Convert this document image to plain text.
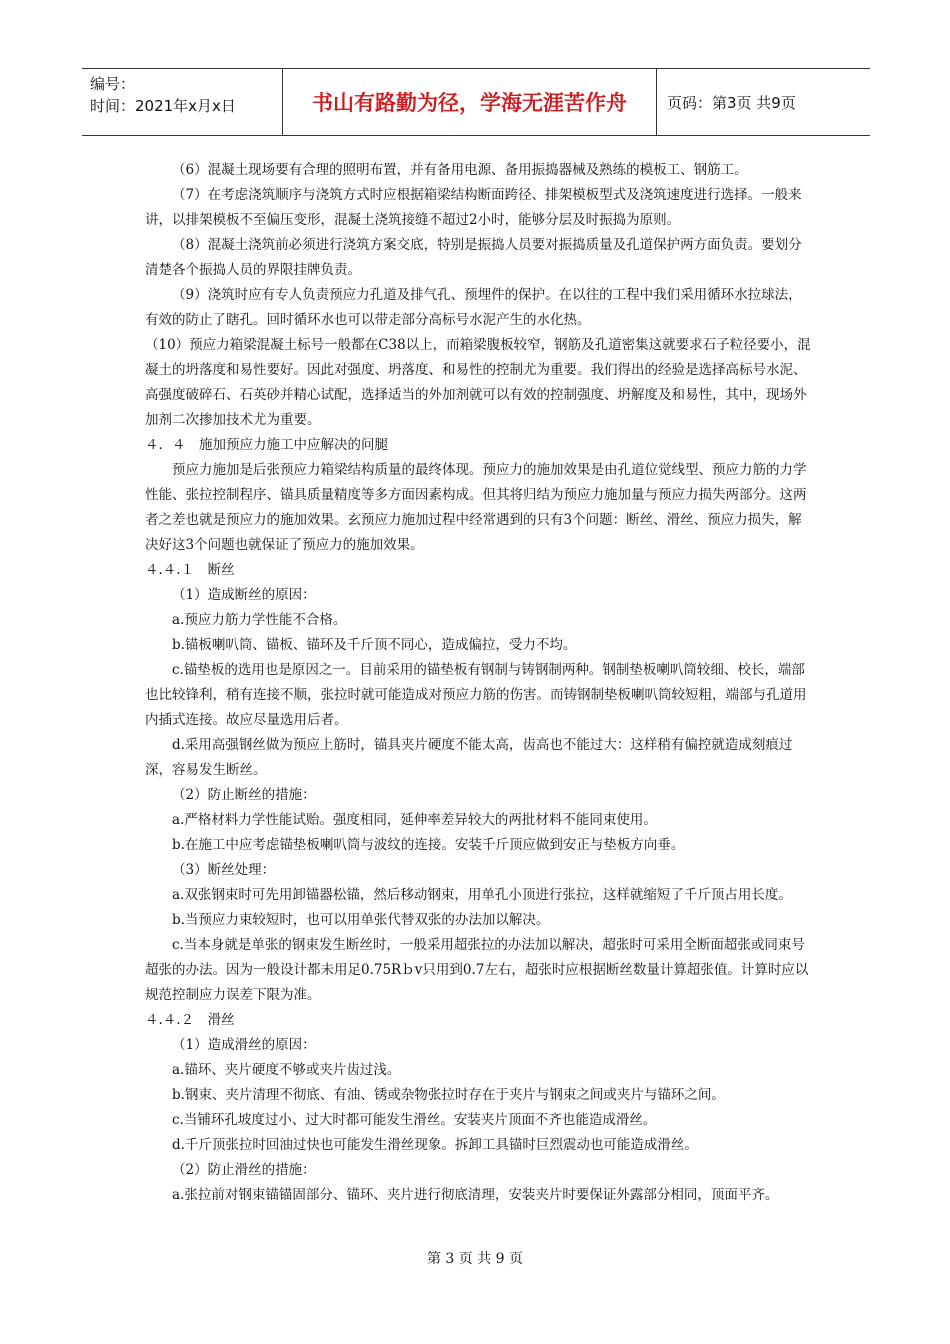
编号：
时间：2021年x月x日	书山有路勤为径，学海无涯苦作舟	页码：第3页 共9页

（6）混凝土现场要有合理的照明布置，并有备用电源、备用振捣器械及熟练的模板工、钢筋工。

（7）在考虑浇筑顺序与浇筑方式时应根据箱梁结构断面跨径、排架模板型式及浇筑速度进行选择。一般来讲，以排架模板不至偏压变形，混凝土浇筑接缝不超过2小时，能够分层及时振捣为原则。

（8）混凝土浇筑前必须进行浇筑方案交底，特别是振捣人员要对振捣质量及孔道保护两方面负责。要划分清楚各个振捣人员的界限挂牌负责。

（9）浇筑时应有专人负责预应力孔道及排气孔、预埋件的保护。在以往的工程中我们采用循环水拉球法，有效的防止了瞎孔。回时循环水也可以带走部分高标号水泥产生的水化热。

（10）预应力箱梁混凝土标号一般都在C38以上，而箱梁腹板较窄，钢筋及孔道密集这就要求石子粒径要小，混凝土的坍落度和易性要好。因此对强度、坍落度、和易性的控制尤为重要。我们得出的经验是选择高标号水泥、高强度破碎石、石英砂并精心试配，选择适当的外加剂就可以有效的控制强度、坍解度及和易性，其中，现场外加剂二次掺加技术尤为重要。

４．４　施加预应力施工中应解决的问腿

预应力施加是后张预应力箱梁结构质量的最终体现。预应力的施加效果是由孔道位觉线型、预应力筋的力学性能、张拉控制程序、锚具质量精度等多方面因素构成。但其将归结为预应力施加量与预应力损失两部分。这两者之差也就是预应力的施加效果。玄预应力施加过程中经常遇到的只有3个问题：断丝、滑丝、预应力损失，解决好这3个问题也就保证了预应力的施加效果。

４.４.１　断丝

（1）造成断丝的原因：

a.预应力筋力学性能不合格。

b.锚板喇叭筒、锚板、锚环及千斤顶不同心，造成偏拉，受力不均。

c.锚垫板的选用也是原因之一。目前采用的锚垫板有钢制与铸钢制两种。钢制垫板喇叭筒较细、校长，端部也比较锋利，稍有连接不顺，张拉时就可能造成对预应力筋的伤害。而铸钢制垫板喇叭筒较短粗，端部与孔道用内插式连接。故应尽量选用后者。

d.采用高强钢丝做为预应上筋时，锚具夹片硬度不能太高，齿高也不能过大：这样稍有偏控就造成刻痕过深，容易发生断丝。

（2）防止断丝的措施：

a.严格材料力学性能试贻。强度相同，延伸率差异较大的两批材料不能同束使用。

b.在施工中应考虑锚垫板喇叭筒与波纹的连接。安装千斤顶应做到安正与垫板方向垂。

（3）断丝处理：

a.双张钢束时可先用卸锚器松锚，然后移动钢束，用单孔小顶进行张拉，这样就缩短了千斤顶占用长度。

b.当预应力束较短时，也可以用单张代替双张的办法加以解决。

c.当本身就是单张的钢束发生断丝时，一般采用超张拉的办法加以解决，超张时可采用全断面超张或同束号超张的办法。因为一般设计都未用足0.75Rｂv只用到0.7左右，超张时应根据断丝数量计算超张值。计算时应以规范控制应力误差下限为准。

４.４.２　滑丝

（1）造成滑丝的原因：

a.锚环、夹片硬度不够或夹片齿过浅。

b.钢束、夹片清理不彻底、有油、锈或杂物张拉时存在于夹片与钢束之间或夹片与锚环之间。

c.当铺环孔坡度过小、过大时都可能发生滑丝。安装夹片顶面不齐也能造成滑丝。

d.千斤顶张拉时回油过快也可能发生滑丝现象。拆卸工具锚时巨烈震动也可能造成滑丝。

（2）防止滑丝的措施：

a.张拉前对钢束锚锚固部分、锚环、夹片进行彻底清理，安装夹片时要保证外露部分相同，顶面平齐。

第 3 页 共 9 页
